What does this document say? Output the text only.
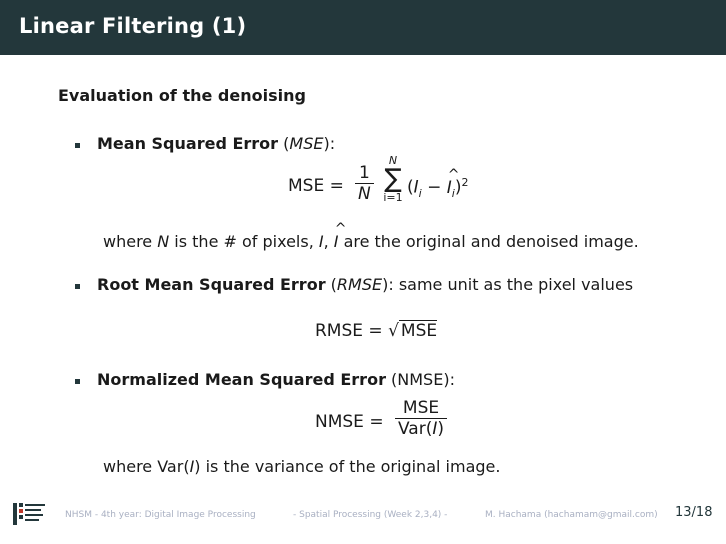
Linear Filtering (1)
Evaluation of the denoising
Mean Squared Error (MSE):
MSE = $\frac{1}{N}$
N
∑
i=1 ($I_i - I$
^
$_i$)$^2$
where N is the # of pixels, I, I
^
are the original and denoised image.
Root Mean Squared Error (RMSE): same unit as the pixel values
RMSE = √ MSE
Normalized Mean Squared Error (NMSE):
NMSE = $\frac{\text{MSE}}{\text{Var(I)}}$
where Var(I) is the variance of the original image.
NHSM - 4th year: Digital Image Processing	- Spatial Processing (Week 2,3,4) -	M. Hachama (hachamam@gmail.com) 13/18
